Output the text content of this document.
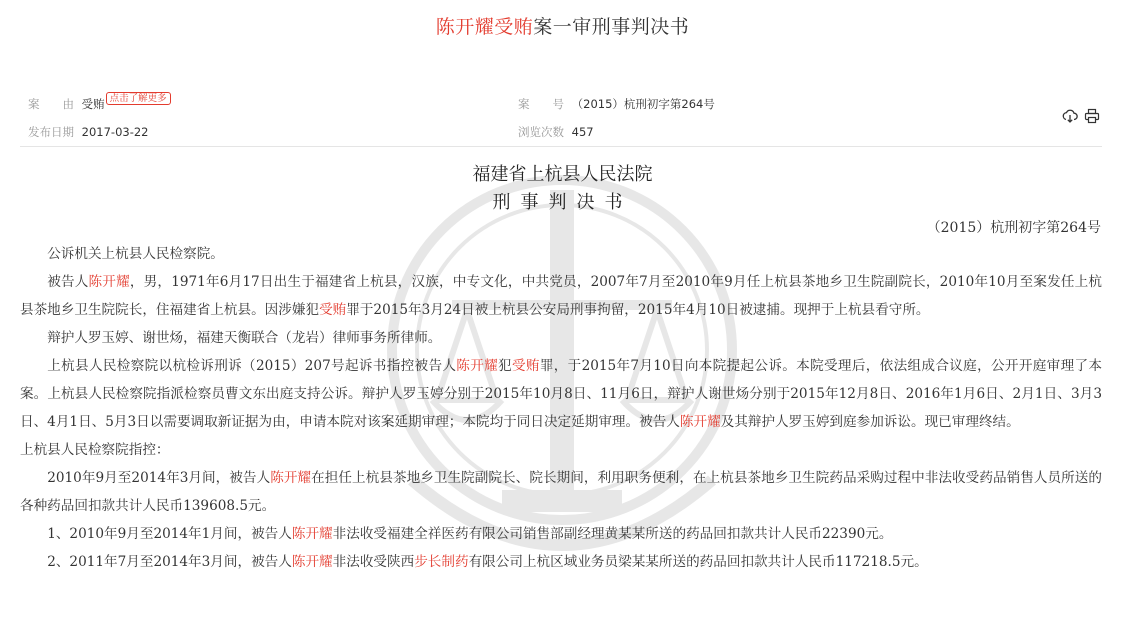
陈开耀受贿案一审刑事判决书
案　　由 受贿 点击了解更多	案　　号 （2015）杭刑初字第264号
发布日期 2017-03-22	浏览次数 457
福建省上杭县人民法院
刑事判决书
（2015）杭刑初字第264号

公诉机关上杭县人民检察院。

被告人陈开耀，男，1971年6月17日出生于福建省上杭县，汉族，中专文化，中共党员，2007年7月至2010年9月任上杭县茶地乡卫生院副院长，2010年10月至案发任上杭县茶地乡卫生院院长，住福建省上杭县。因涉嫌犯受贿罪于2015年3月24日被上杭县公安局刑事拘留，2015年4月10日被逮捕。现押于上杭县看守所。

辩护人罗玉婷、谢世炀，福建天衡联合（龙岩）律师事务所律师。

上杭县人民检察院以杭检诉刑诉（2015）207号起诉书指控被告人陈开耀犯受贿罪，于2015年7月10日向本院提起公诉。本院受理后，依法组成合议庭，公开开庭审理了本案。上杭县人民检察院指派检察员曹文东出庭支持公诉。辩护人罗玉婷分别于2015年10月8日、11月6日，辩护人谢世炀分别于2015年12月8日、2016年1月6日、2月1日、3月3日、4月1日、5月3日以需要调取新证据为由，申请本院对该案延期审理；本院均于同日决定延期审理。被告人陈开耀及其辩护人罗玉婷到庭参加诉讼。现已审理终结。

上杭县人民检察院指控：

2010年9月至2014年3月间，被告人陈开耀在担任上杭县茶地乡卫生院副院长、院长期间，利用职务便利，在上杭县茶地乡卫生院药品采购过程中非法收受药品销售人员所送的各种药品回扣款共计人民币139608.5元。

1、2010年9月至2014年1月间，被告人陈开耀非法收受福建全祥医药有限公司销售部副经理黄某某所送的药品回扣款共计人民币22390元。

2、2011年7月至2014年3月间，被告人陈开耀非法收受陕西步长制药有限公司上杭区域业务员梁某某所送的药品回扣款共计人民币117218.5元。
